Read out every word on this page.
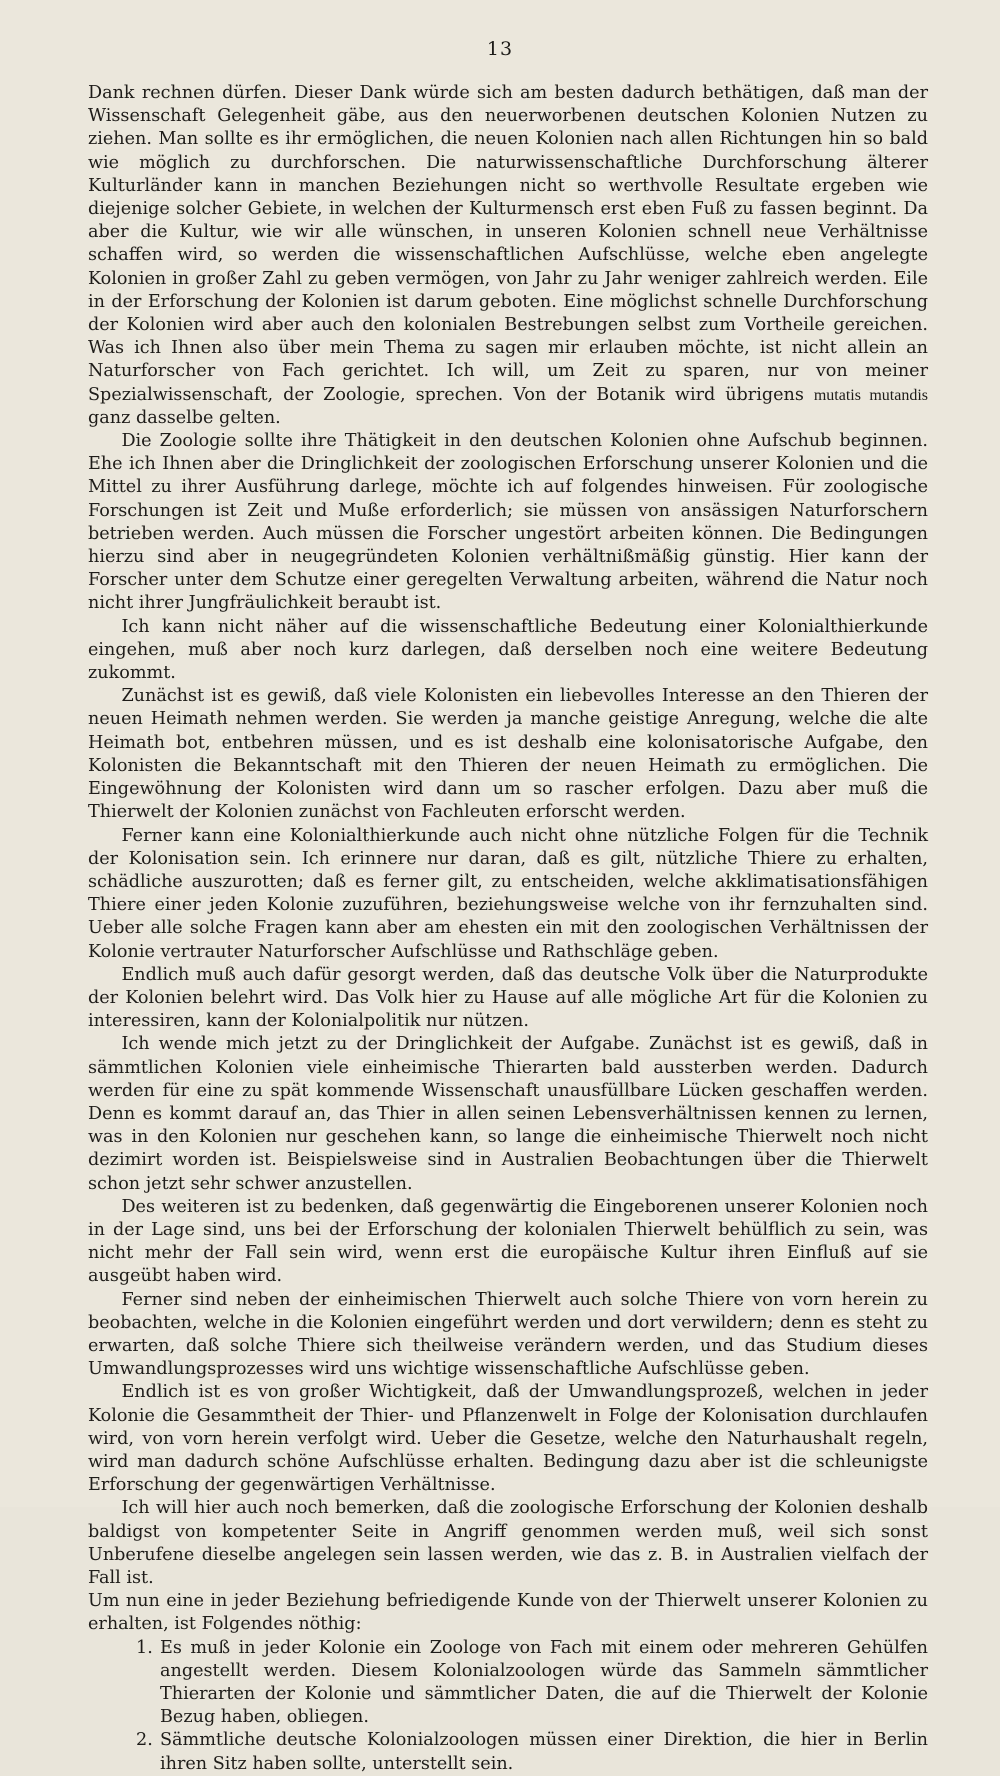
13

Dank rechnen dürfen. Dieser Dank würde sich am besten dadurch bethätigen, daß man der Wissenschaft Gelegenheit gäbe, aus den neuerworbenen deutschen Kolonien Nutzen zu ziehen. Man sollte es ihr ermöglichen, die neuen Kolonien nach allen Richtungen hin so bald wie möglich zu durchforschen. Die naturwissenschaftliche Durchforschung älterer Kulturländer kann in manchen Beziehungen nicht so werthvolle Resultate ergeben wie diejenige solcher Gebiete, in welchen der Kulturmensch erst eben Fuß zu fassen beginnt. Da aber die Kultur, wie wir alle wünschen, in unseren Kolonien schnell neue Verhältnisse schaffen wird, so werden die wissenschaftlichen Aufschlüsse, welche eben angelegte Kolonien in großer Zahl zu geben vermögen, von Jahr zu Jahr weniger zahlreich werden. Eile in der Erforschung der Kolonien ist darum geboten. Eine möglichst schnelle Durchforschung der Kolonien wird aber auch den kolonialen Bestrebungen selbst zum Vortheile gereichen. Was ich Ihnen also über mein Thema zu sagen mir erlauben möchte, ist nicht allein an Naturforscher von Fach gerichtet. Ich will, um Zeit zu sparen, nur von meiner Spezialwissenschaft, der Zoologie, sprechen. Von der Botanik wird übrigens mutatis mutandis ganz dasselbe gelten.

Die Zoologie sollte ihre Thätigkeit in den deutschen Kolonien ohne Aufschub beginnen. Ehe ich Ihnen aber die Dringlichkeit der zoologischen Erforschung unserer Kolonien und die Mittel zu ihrer Ausführung darlege, möchte ich auf folgendes hinweisen. Für zoologische Forschungen ist Zeit und Muße erforderlich; sie müssen von ansässigen Naturforschern betrieben werden. Auch müssen die Forscher ungestört arbeiten können. Die Bedingungen hierzu sind aber in neugegründeten Kolonien verhältnißmäßig günstig. Hier kann der Forscher unter dem Schutze einer geregelten Verwaltung arbeiten, während die Natur noch nicht ihrer Jungfräulichkeit beraubt ist.

Ich kann nicht näher auf die wissenschaftliche Bedeutung einer Kolonialthierkunde eingehen, muß aber noch kurz darlegen, daß derselben noch eine weitere Bedeutung zukommt.

Zunächst ist es gewiß, daß viele Kolonisten ein liebevolles Interesse an den Thieren der neuen Heimath nehmen werden. Sie werden ja manche geistige Anregung, welche die alte Heimath bot, entbehren müssen, und es ist deshalb eine kolonisatorische Aufgabe, den Kolonisten die Bekanntschaft mit den Thieren der neuen Heimath zu ermöglichen. Die Eingewöhnung der Kolonisten wird dann um so rascher erfolgen. Dazu aber muß die Thierwelt der Kolonien zunächst von Fachleuten erforscht werden.

Ferner kann eine Kolonialthierkunde auch nicht ohne nützliche Folgen für die Technik der Kolonisation sein. Ich erinnere nur daran, daß es gilt, nützliche Thiere zu erhalten, schädliche auszurotten; daß es ferner gilt, zu entscheiden, welche akklimatisationsfähigen Thiere einer jeden Kolonie zuzuführen, beziehungsweise welche von ihr fernzuhalten sind. Ueber alle solche Fragen kann aber am ehesten ein mit den zoologischen Verhältnissen der Kolonie vertrauter Naturforscher Aufschlüsse und Rathschläge geben.

Endlich muß auch dafür gesorgt werden, daß das deutsche Volk über die Naturprodukte der Kolonien belehrt wird. Das Volk hier zu Hause auf alle mögliche Art für die Kolonien zu interessiren, kann der Kolonialpolitik nur nützen.

Ich wende mich jetzt zu der Dringlichkeit der Aufgabe. Zunächst ist es gewiß, daß in sämmtlichen Kolonien viele einheimische Thierarten bald aussterben werden. Dadurch werden für eine zu spät kommende Wissenschaft unausfüllbare Lücken geschaffen werden. Denn es kommt darauf an, das Thier in allen seinen Lebensverhältnissen kennen zu lernen, was in den Kolonien nur geschehen kann, so lange die einheimische Thierwelt noch nicht dezimirt worden ist. Beispielsweise sind in Australien Beobachtungen über die Thierwelt schon jetzt sehr schwer anzustellen.

Des weiteren ist zu bedenken, daß gegenwärtig die Eingeborenen unserer Kolonien noch in der Lage sind, uns bei der Erforschung der kolonialen Thierwelt behülflich zu sein, was nicht mehr der Fall sein wird, wenn erst die europäische Kultur ihren Einfluß auf sie ausgeübt haben wird.

Ferner sind neben der einheimischen Thierwelt auch solche Thiere von vorn herein zu beobachten, welche in die Kolonien eingeführt werden und dort verwildern; denn es steht zu erwarten, daß solche Thiere sich theilweise verändern werden, und das Studium dieses Umwandlungsprozesses wird uns wichtige wissenschaftliche Aufschlüsse geben.

Endlich ist es von großer Wichtigkeit, daß der Umwandlungsprozeß, welchen in jeder Kolonie die Gesammtheit der Thier- und Pflanzenwelt in Folge der Kolonisation durchlaufen wird, von vorn herein verfolgt wird. Ueber die Gesetze, welche den Naturhaushalt regeln, wird man dadurch schöne Aufschlüsse erhalten. Bedingung dazu aber ist die schleunigste Erforschung der gegenwärtigen Verhältnisse.

Ich will hier auch noch bemerken, daß die zoologische Erforschung der Kolonien deshalb baldigst von kompetenter Seite in Angriff genommen werden muß, weil sich sonst Unberufene dieselbe angelegen sein lassen werden, wie das z. B. in Australien vielfach der Fall ist.

Um nun eine in jeder Beziehung befriedigende Kunde von der Thierwelt unserer Kolonien zu erhalten, ist Folgendes nöthig:

1. Es muß in jeder Kolonie ein Zoologe von Fach mit einem oder mehreren Gehülfen angestellt werden. Diesem Kolonialzoologen würde das Sammeln sämmtlicher Thierarten der Kolonie und sämmtlicher Daten, die auf die Thierwelt der Kolonie Bezug haben, obliegen.
2. Sämmtliche deutsche Kolonialzoologen müssen einer Direktion, die hier in Berlin ihren Sitz haben sollte, unterstellt sein.
